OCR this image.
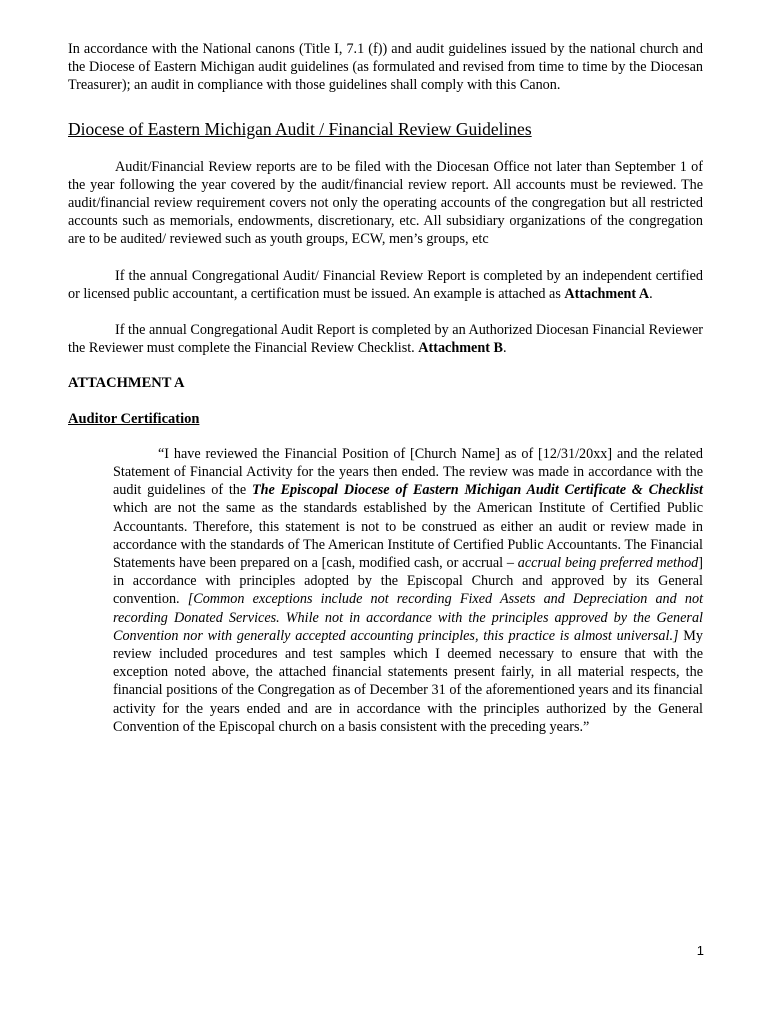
In accordance with the National canons (Title I, 7.1 (f)) and audit guidelines issued by the national church and the Diocese of Eastern Michigan audit guidelines (as formulated and revised from time to time by the Diocesan Treasurer); an audit in compliance with those guidelines shall comply with this Canon.

Diocese of Eastern Michigan Audit / Financial Review Guidelines

Audit/Financial Review reports are to be filed with the Diocesan Office not later than September 1 of the year following the year covered by the audit/financial review report. All accounts must be reviewed. The audit/financial review requirement covers not only the operating accounts of the congregation but all restricted accounts such as memorials, endowments, discretionary, etc. All subsidiary organizations of the congregation are to be audited/ reviewed such as youth groups, ECW, men’s groups, etc

If the annual Congregational Audit/ Financial Review Report is completed by an independent certified or licensed public accountant, a certification must be issued. An example is attached as Attachment A.

If the annual Congregational Audit Report is completed by an Authorized Diocesan Financial Reviewer the Reviewer must complete the Financial Review Checklist. Attachment B.

ATTACHMENT A

Auditor Certification

“I have reviewed the Financial Position of [Church Name] as of [12/31/20xx] and the related Statement of Financial Activity for the years then ended. The review was made in accordance with the audit guidelines of the The Episcopal Diocese of Eastern Michigan Audit Certificate & Checklist which are not the same as the standards established by the American Institute of Certified Public Accountants. Therefore, this statement is not to be construed as either an audit or review made in accordance with the standards of The American Institute of Certified Public Accountants. The Financial Statements have been prepared on a [cash, modified cash, or accrual – accrual being preferred method] in accordance with principles adopted by the Episcopal Church and approved by its General convention. [Common exceptions include not recording Fixed Assets and Depreciation and not recording Donated Services. While not in accordance with the principles approved by the General Convention nor with generally accepted accounting principles, this practice is almost universal.] My review included procedures and test samples which I deemed necessary to ensure that with the exception noted above, the attached financial statements present fairly, in all material respects, the financial positions of the Congregation as of December 31 of the aforementioned years and its financial activity for the years ended and are in accordance with the principles authorized by the General Convention of the Episcopal church on a basis consistent with the preceding years.”

1
